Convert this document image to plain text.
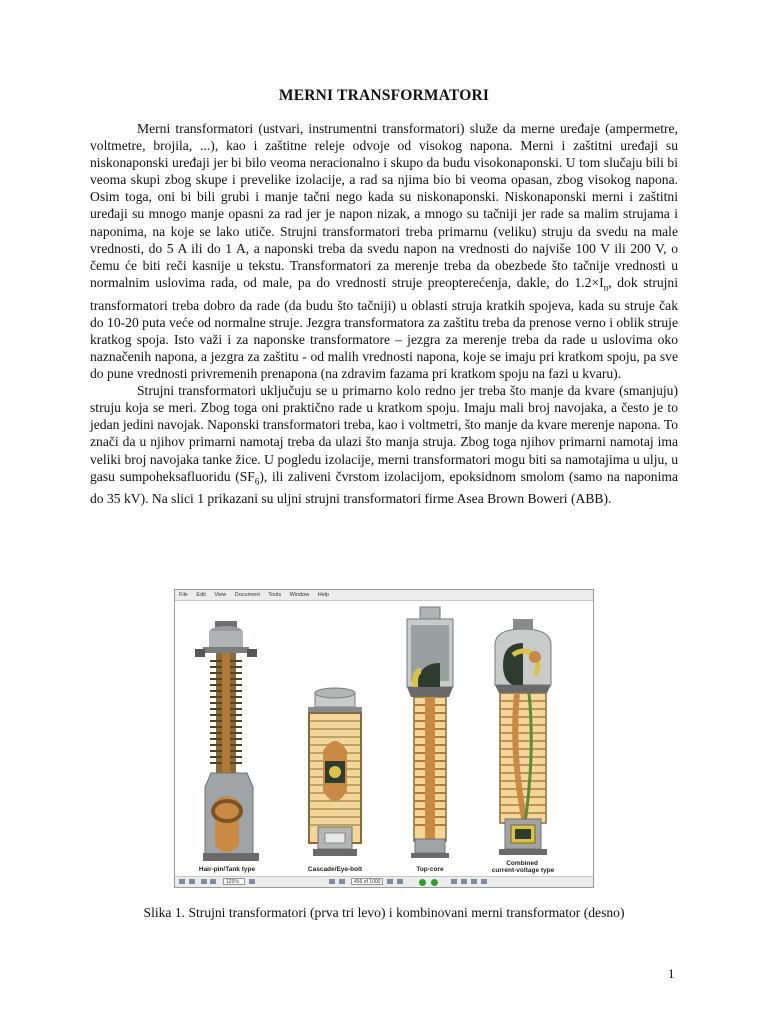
MERNI TRANSFORMATORI

Merni transformatori (ustvari, instrumentni transformatori) služe da merne uređaje (ampermetre, voltmetre, brojila, ...), kao i zaštitne releje odvoje od visokog napona. Merni i zaštitni uređaji su niskonaponski uređaji jer bi bilo veoma neracionalno i skupo da budu visokonaponski. U tom slučaju bili bi veoma skupi zbog skupe i prevelike izolacije, a rad sa njima bio bi veoma opasan, zbog visokog napona. Osim toga, oni bi bili grubi i manje tačni nego kada su niskonaponski. Niskonaponski merni i zaštitni uređaji su mnogo manje opasni za rad jer je napon nizak, a mnogo su tačniji jer rade sa malim strujama i naponima, na koje se lako utiče. Strujni transformatori treba primarnu (veliku) struju da svedu na male vrednosti, do 5 A ili do 1 A, a naponski treba da svedu napon na vrednosti do najviše 100 V ili 200 V, o čemu će biti reči kasnije u tekstu. Transformatori za merenje treba da obezbede što tačnije vrednosti u normalnim uslovima rada, od male, pa do vrednosti struje preopterećenja, dakle, do $1.2\times I_n$, dok strujni transformatori treba dobro da rade (da budu što tačniji) u oblasti struja kratkih spojeva, kada su struje čak do 10-20 puta veće od normalne struje. Jezgra transformatora za zaštitu treba da prenose verno i oblik struje kratkog spoja. Isto važi i za naponske transformatore – jezgra za merenje treba da rade u uslovima oko naznačenih napona, a jezgra za zaštitu - od malih vrednosti napona, koje se imaju pri kratkom spoju, pa sve do pune vrednosti privremenih prenapona (na zdravim fazama pri kratkom spoju na fazi u kvaru).

Strujni transformatori uključuju se u primarno kolo redno jer treba što manje da kvare (smanjuju) struju koja se meri. Zbog toga oni praktično rade u kratkom spoju. Imaju mali broj navojaka, a često je to jedan jedini navojak. Naponski transformatori treba, kao i voltmetri, što manje da kvare merenje napona. To znači da u njihov primarni namotaj treba da ulazi što manja struja. Zbog toga njihov primarni namotaj ima veliki broj navojaka tanke žice. U pogledu izolacije, merni transformatori mogu biti sa namotajima u ulju, u gasu sumpoheksafluoridu $(SF_6)$, ili zaliveni čvrstom izolacijom, epoksidnom smolom (samo na naponima do 35 kV). Na slici 1 prikazani su uljni strujni transformatori firme Asea Brown Boweri (ABB).

File Edit View Document Tools Window Help
Hair-pin/Tank type	Cascade/Eye-bolt	Top-core
Combined current-voltage type
125%	456 of 1000
Slika 1. Strujni transformatori (prva tri levo) i kombinovani merni transformator (desno)
1
